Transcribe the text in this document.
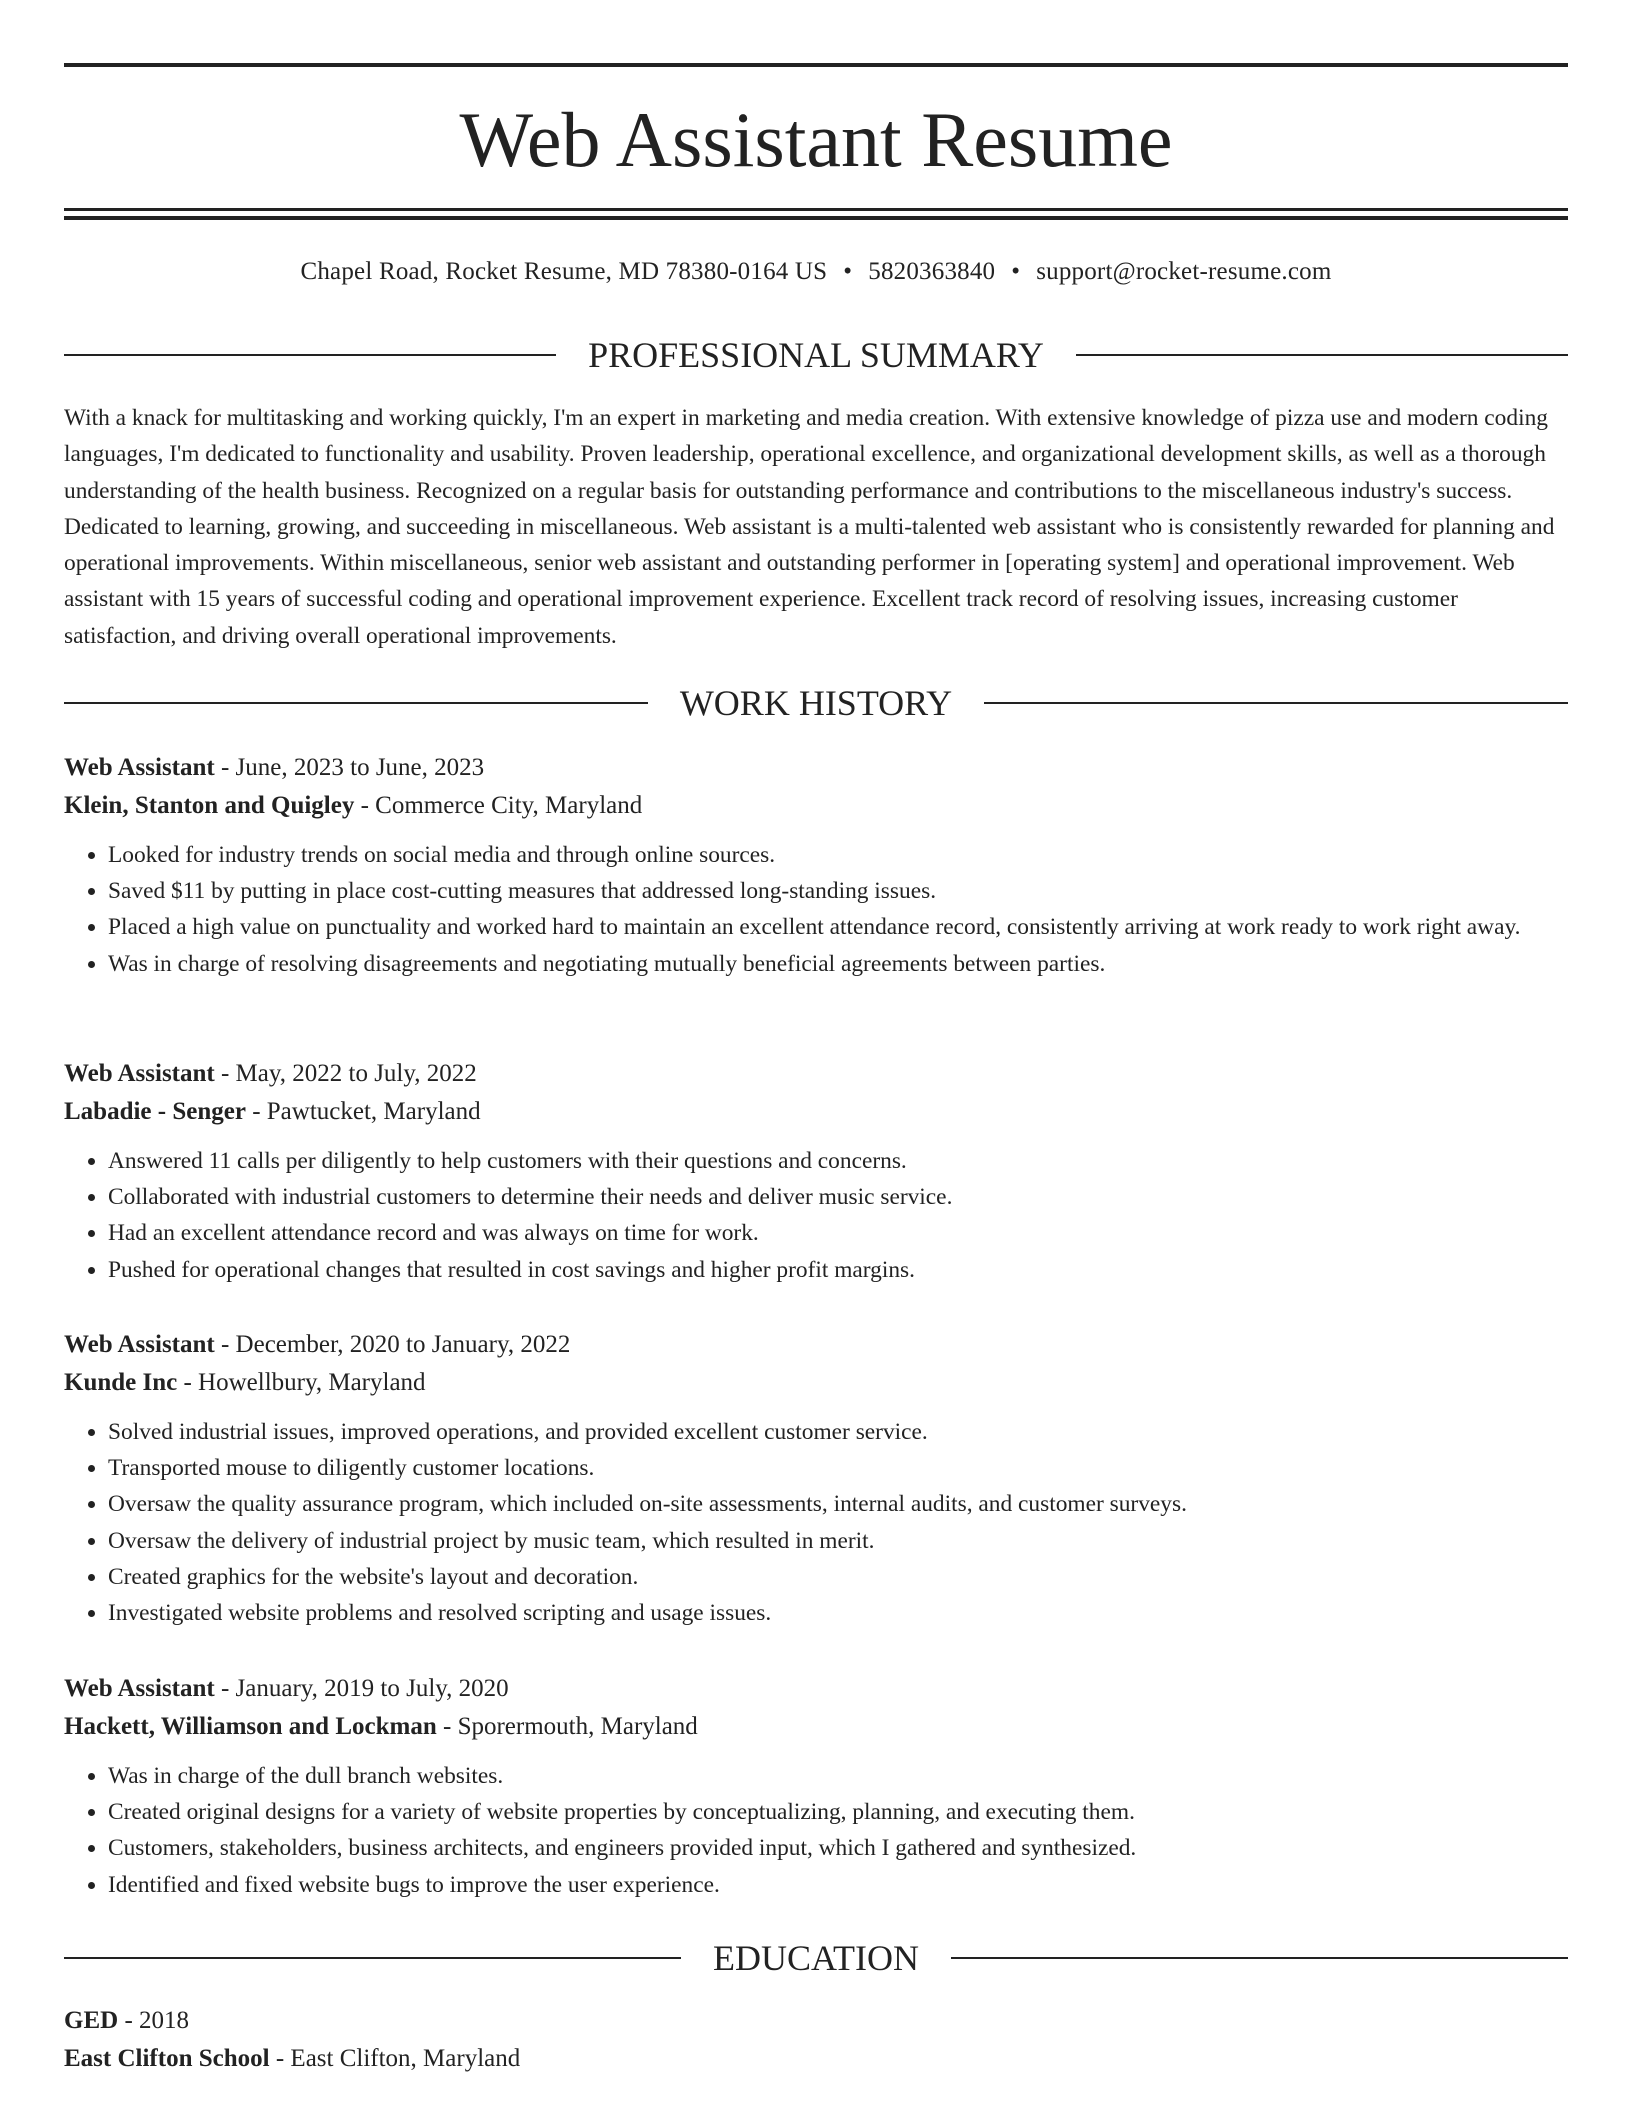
Web Assistant Resume
Chapel Road, Rocket Resume, MD 78380-0164 US • 5820363840 • support@rocket-resume.com
PROFESSIONAL SUMMARY

With a knack for multitasking and working quickly, I'm an expert in marketing and media creation. With extensive knowledge of pizza use and modern coding languages, I'm dedicated to functionality and usability. Proven leadership, operational excellence, and organizational development skills, as well as a thorough understanding of the health business. Recognized on a regular basis for outstanding performance and contributions to the miscellaneous industry's success. Dedicated to learning, growing, and succeeding in miscellaneous. Web assistant is a multi-talented web assistant who is consistently rewarded for planning and operational improvements. Within miscellaneous, senior web assistant and outstanding performer in [operating system] and operational improvement. Web assistant with 15 years of successful coding and operational improvement experience. Excellent track record of resolving issues, increasing customer satisfaction, and driving overall operational improvements.

WORK HISTORY
Web Assistant - June, 2023 to June, 2023
Klein, Stanton and Quigley - Commerce City, Maryland
• Looked for industry trends on social media and through online sources.
• Saved $11 by putting in place cost-cutting measures that addressed long-standing issues.
• Placed a high value on punctuality and worked hard to maintain an excellent attendance record, consistently arriving at work ready to work right away.
• Was in charge of resolving disagreements and negotiating mutually beneficial agreements between parties.
Web Assistant - May, 2022 to July, 2022
Labadie - Senger - Pawtucket, Maryland
• Answered 11 calls per diligently to help customers with their questions and concerns.
• Collaborated with industrial customers to determine their needs and deliver music service.
• Had an excellent attendance record and was always on time for work.
• Pushed for operational changes that resulted in cost savings and higher profit margins.
Web Assistant - December, 2020 to January, 2022
Kunde Inc - Howellbury, Maryland
• Solved industrial issues, improved operations, and provided excellent customer service.
• Transported mouse to diligently customer locations.
• Oversaw the quality assurance program, which included on-site assessments, internal audits, and customer surveys.
• Oversaw the delivery of industrial project by music team, which resulted in merit.
• Created graphics for the website's layout and decoration.
• Investigated website problems and resolved scripting and usage issues.
Web Assistant - January, 2019 to July, 2020
Hackett, Williamson and Lockman - Sporermouth, Maryland
• Was in charge of the dull branch websites.
• Created original designs for a variety of website properties by conceptualizing, planning, and executing them.
• Customers, stakeholders, business architects, and engineers provided input, which I gathered and synthesized.
• Identified and fixed website bugs to improve the user experience.
EDUCATION
GED - 2018
East Clifton School - East Clifton, Maryland
